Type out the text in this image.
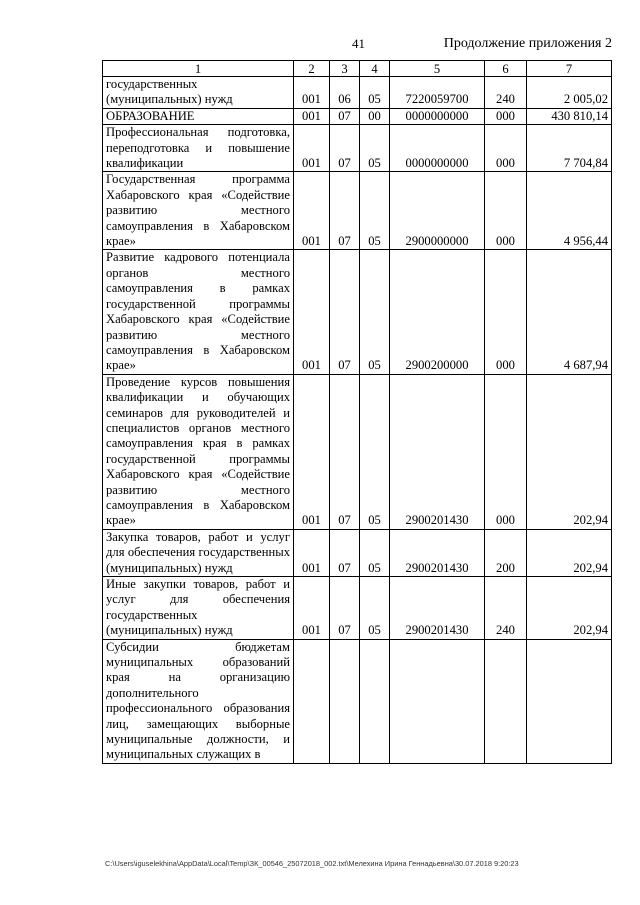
41	Продолжение приложения 2
1	2	3	4	5	6	7
государственных (муниципальных) нужд	001	06	05	7220059700	240	2 005,02
ОБРАЗОВАНИЕ	001	07	00	0000000000	000	430 810,14
Профессиональная подготовка, переподготовка и повышение квалификации	001	07	05	0000000000	000	7 704,84
Государственная программа Хабаровского края «Содействие развитию местного самоуправления в Хабаровском крае»	001	07	05	2900000000	000	4 956,44
Развитие кадрового потенциала органов местного самоуправления в рамках государственной программы Хабаровского края «Содействие развитию местного самоуправления в Хабаровском крае»	001	07	05	2900200000	000	4 687,94
Проведение курсов повышения квалификации и обучающих семинаров для руководителей и специалистов органов местного самоуправления края в рамках государственной программы Хабаровского края «Содействие развитию местного самоуправления в Хабаровском крае»	001	07	05	2900201430	000	202,94
Закупка товаров, работ и услуг для обеспечения государственных (муниципальных) нужд	001	07	05	2900201430	200	202,94
Иные закупки товаров, работ и услуг для обеспечения государственных (муниципальных) нужд	001	07	05	2900201430	240	202,94
Субсидии бюджетам муниципальных образований края на организацию дополнительного профессионального образования лиц, замещающих выборные муниципальные должности, и муниципальных служащих в						
C:\Users\iguselekhina\AppData\Local\Temp\ЗК_00546_25072018_002.txt\Мелехина Ирина Геннадьевна\30.07.2018 9:20:23
